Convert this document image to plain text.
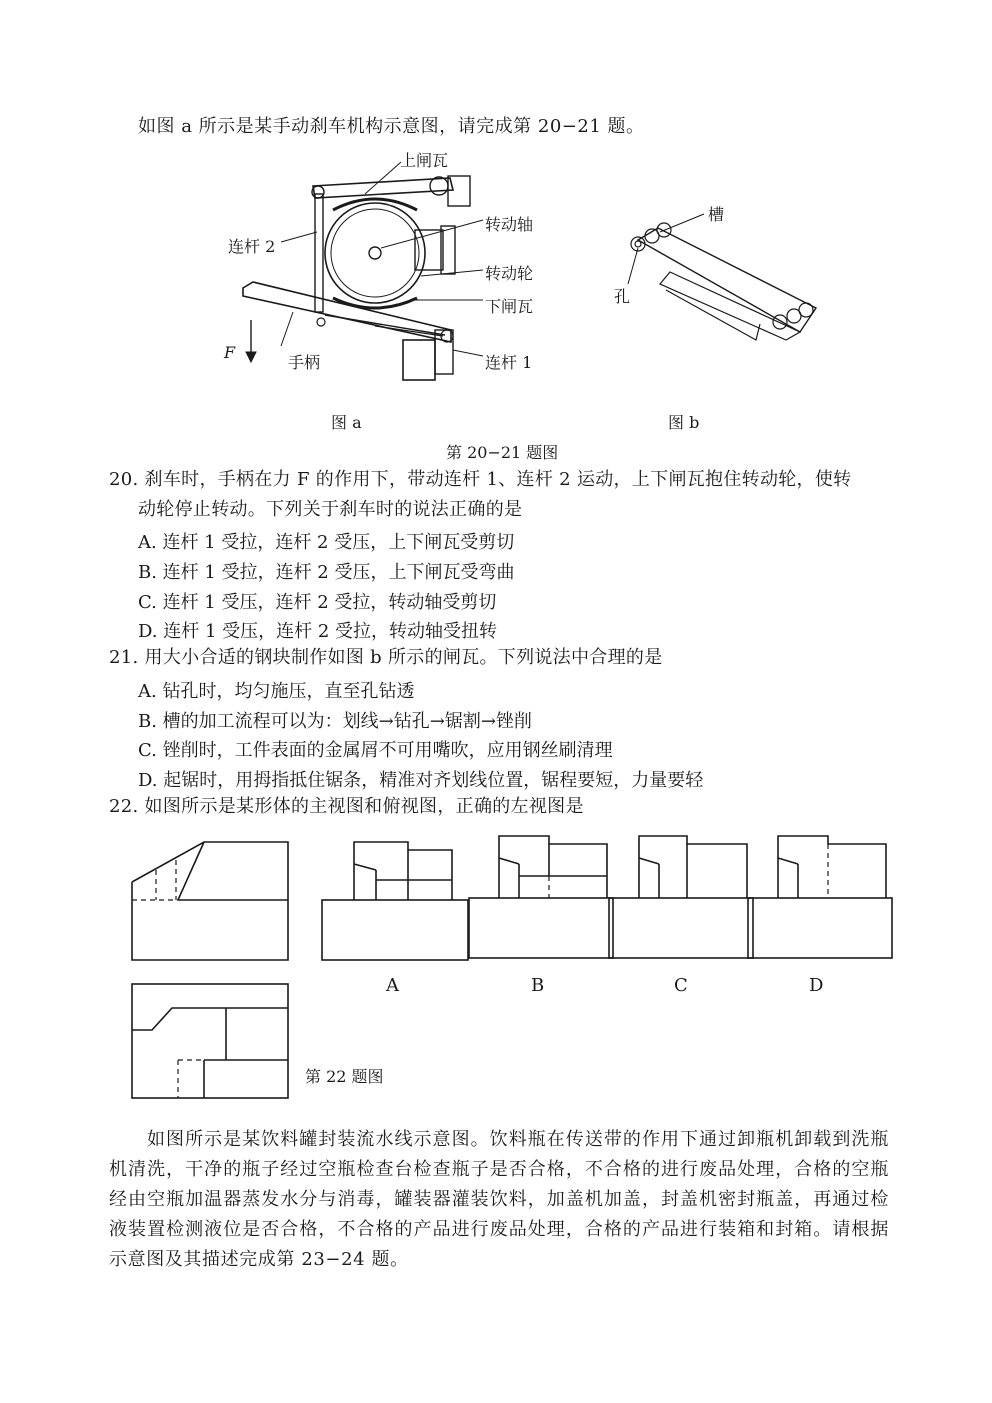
如图 a 所示是某手动刹车机构示意图，请完成第 20−21 题。
上闸瓦
连杆 2
转动轴
转动轮
下闸瓦
F
手柄	连杆 1
图 a
槽
孔
图 b
第 20−21 题图
20. 刹车时，手柄在力 F 的作用下，带动连杆 1、连杆 2 运动，上下闸瓦抱住转动轮，使转
动轮停止转动。下列关于刹车时的说法正确的是
A. 连杆 1 受拉，连杆 2 受压，上下闸瓦受剪切
B. 连杆 1 受拉，连杆 2 受压，上下闸瓦受弯曲
C. 连杆 1 受压，连杆 2 受拉，转动轴受剪切
D. 连杆 1 受压，连杆 2 受拉，转动轴受扭转
21. 用大小合适的钢块制作如图 b 所示的闸瓦。下列说法中合理的是
A. 钻孔时，均匀施压，直至孔钻透
B. 槽的加工流程可以为：划线→钻孔→锯割→锉削
C. 锉削时，工件表面的金属屑不可用嘴吹，应用钢丝刷清理
D. 起锯时，用拇指抵住锯条，精准对齐划线位置，锯程要短，力量要轻
22. 如图所示是某形体的主视图和俯视图，正确的左视图是
第 22 题图
A	B	C	D
如图所示是某饮料罐封装流水线示意图。饮料瓶在传送带的作用下通过卸瓶机卸载到洗瓶机清洗，干净的瓶子经过空瓶检查台检查瓶子是否合格，不合格的进行废品处理，合格的空瓶经由空瓶加温器蒸发水分与消毒，罐装器灌装饮料，加盖机加盖，封盖机密封瓶盖，再通过检液装置检测液位是否合格，不合格的产品进行废品处理，合格的产品进行装箱和封箱。请根据示意图及其描述完成第 23−24 题。
